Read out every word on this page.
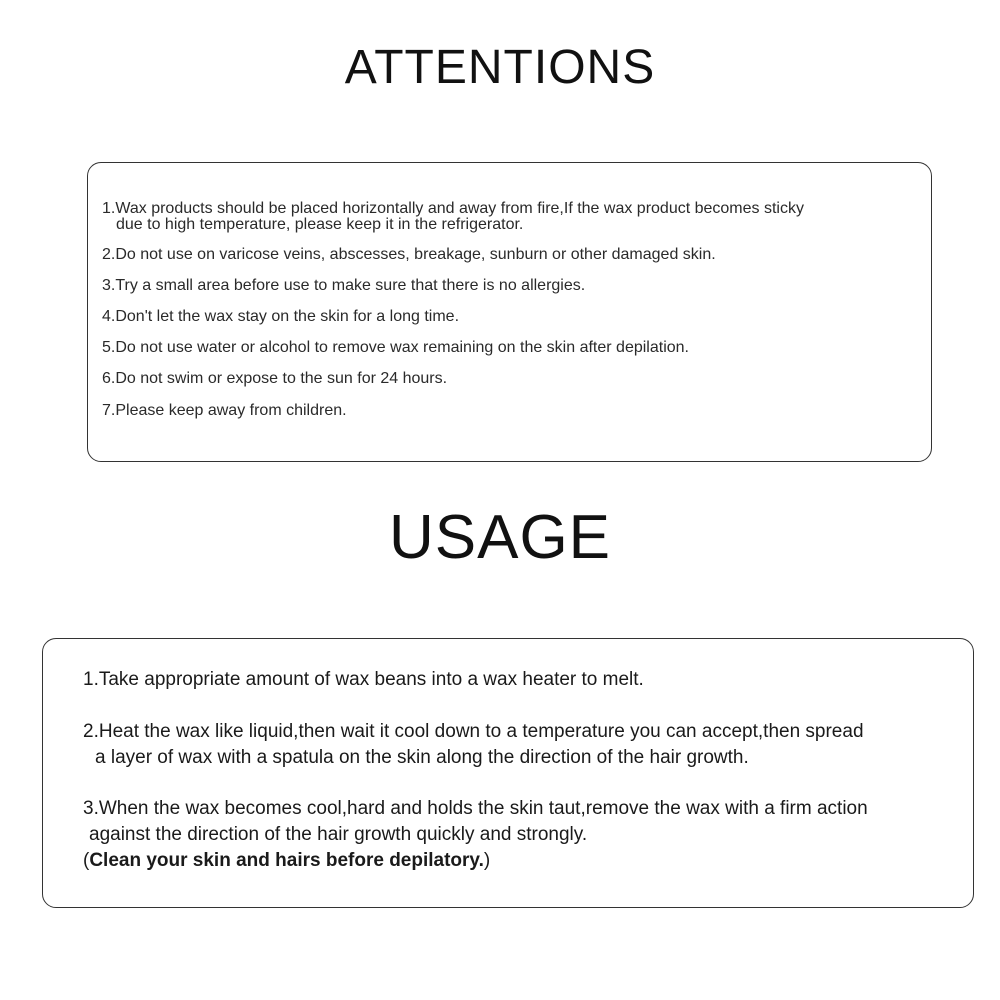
ATTENTIONS
1.Wax products should be placed horizontally and away from fire,If the wax product becomes sticky
due to high temperature, please keep it in the refrigerator.
2.Do not use on varicose veins, abscesses, breakage, sunburn or other damaged skin.
3.Try a small area before use to make sure that there is no allergies.
4.Don't let the wax stay on the skin for a long time.
5.Do not use water or alcohol to remove wax remaining on the skin after depilation.
6.Do not swim or expose to the sun for 24 hours.
7.Please keep away from children.
USAGE
1.Take appropriate amount of wax beans into a wax heater to melt.
2.Heat the wax like liquid,then wait it cool down to a temperature you can accept,then spread
a layer of wax with a spatula on the skin along the direction of the hair growth.
3.When the wax becomes cool,hard and holds the skin taut,remove the wax with a firm action
against the direction of the hair growth quickly and strongly.
(Clean your skin and hairs before depilatory.)
